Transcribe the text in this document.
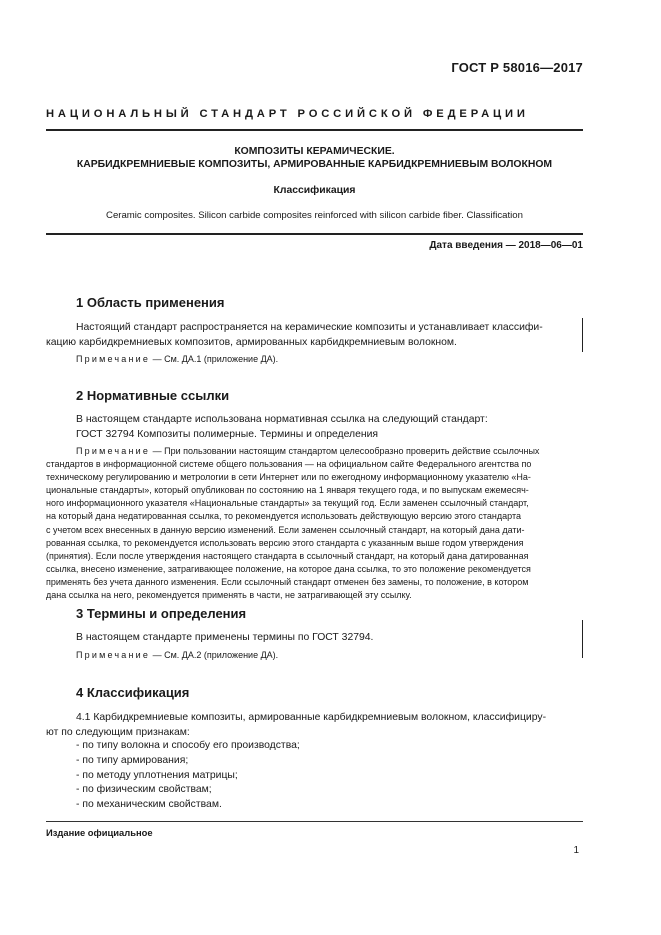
ГОСТ Р 58016—2017
НАЦИОНАЛЬНЫЙ СТАНДАРТ РОССИЙСКОЙ ФЕДЕРАЦИИ
КОМПОЗИТЫ КЕРАМИЧЕСКИЕ.
КАРБИДКРЕМНИЕВЫЕ КОМПОЗИТЫ, АРМИРОВАННЫЕ КАРБИДКРЕМНИЕВЫМ ВОЛОКНОМ
Классификация
Ceramic composites. Silicon carbide composites reinforced with silicon carbide fiber. Classification
Дата введения — 2018—06—01
1 Область применения
Настоящий стандарт распространяется на керамические композиты и устанавливает классифи-
кацию карбидкремниевых композитов, армированных карбидкремниевым волокном.
Примечание — См. ДА.1 (приложение ДА).
2 Нормативные ссылки
В настоящем стандарте использована нормативная ссылка на следующий стандарт:
ГОСТ 32794 Композиты полимерные. Термины и определения
Примечание — При пользовании настоящим стандартом целесообразно проверить действие ссылочных
стандартов в информационной системе общего пользования — на официальном сайте Федерального агентства по
техническому регулированию и метрологии в сети Интернет или по ежегодному информационному указателю «На-
циональные стандарты», который опубликован по состоянию на 1 января текущего года, и по выпускам ежемесяч-
ного информационного указателя «Национальные стандарты» за текущий год. Если заменен ссылочный стандарт,
на который дана недатированная ссылка, то рекомендуется использовать действующую версию этого стандарта
с учетом всех внесенных в данную версию изменений. Если заменен ссылочный стандарт, на который дана дати-
рованная ссылка, то рекомендуется использовать версию этого стандарта с указанным выше годом утверждения
(принятия). Если после утверждения настоящего стандарта в ссылочный стандарт, на который дана датированная
ссылка, внесено изменение, затрагивающее положение, на которое дана ссылка, то это положение рекомендуется
применять без учета данного изменения. Если ссылочный стандарт отменен без замены, то положение, в котором
дана ссылка на него, рекомендуется применять в части, не затрагивающей эту ссылку.
3 Термины и определения
В настоящем стандарте применены термины по ГОСТ 32794.
Примечание — См. ДА.2 (приложение ДА).
4 Классификация
4.1 Карбидкремниевые композиты, армированные карбидкремниевым волокном, классифициру-
ют по следующим признакам:
- по типу волокна и способу его производства;
- по типу армирования;
- по методу уплотнения матрицы;
- по физическим свойствам;
- по механическим свойствам.
Издание официальное
1
